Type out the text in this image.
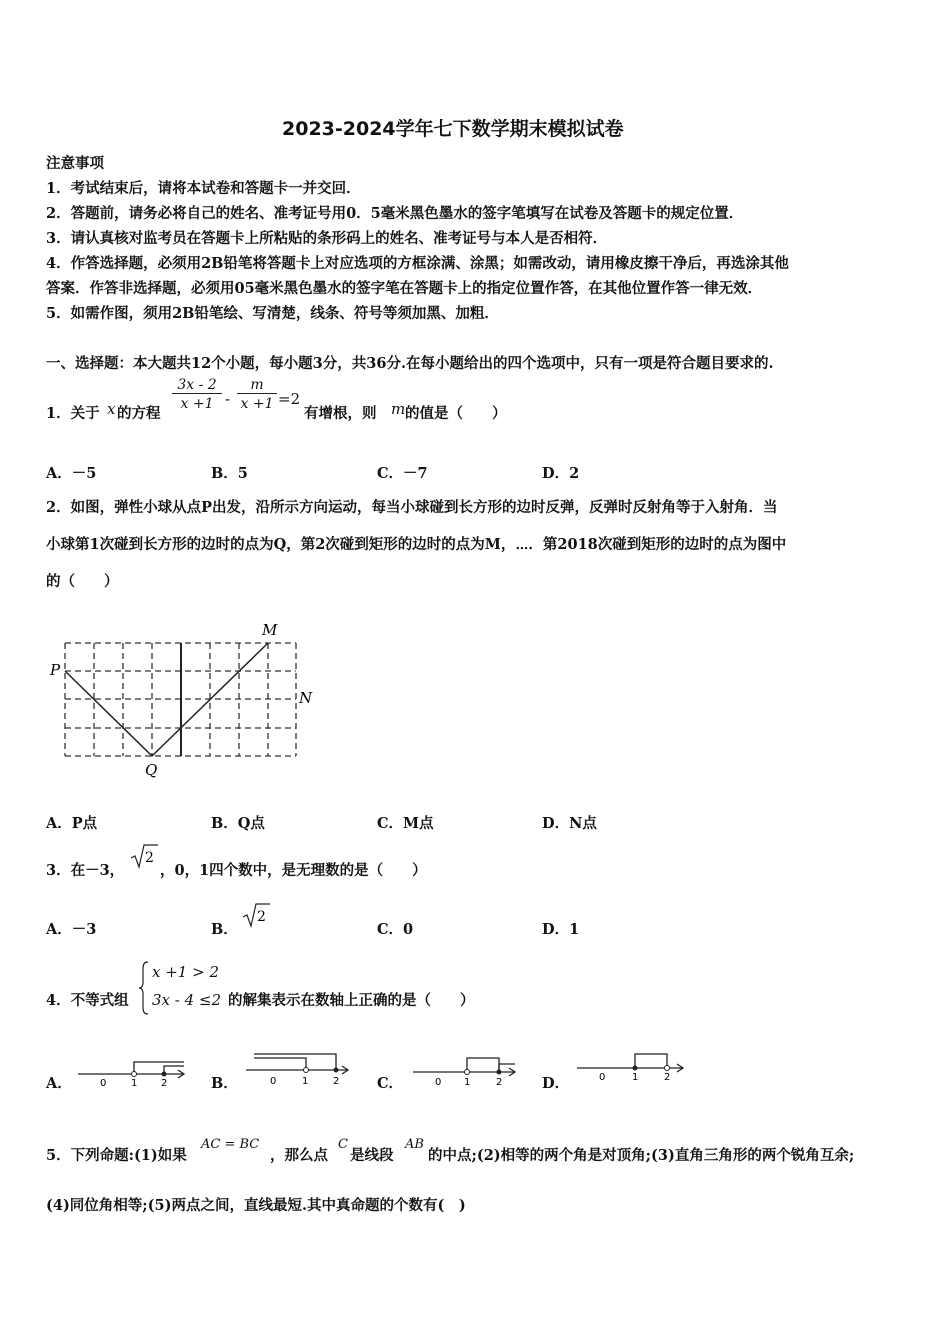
2023-2024学年七下数学期末模拟试卷
注意事项
1．考试结束后，请将本试卷和答题卡一并交回．
2．答题前，请务必将自己的姓名、准考证号用0．5毫米黑色墨水的签字笔填写在试卷及答题卡的规定位置．
3．请认真核对监考员在答题卡上所粘贴的条形码上的姓名、准考证号与本人是否相符．
4．作答选择题，必须用2B铅笔将答题卡上对应选项的方框涂满、涂黑；如需改动，请用橡皮擦干净后，再选涂其他
答案．作答非选择题，必须用05毫米黑色墨水的签字笔在答题卡上的指定位置作答，在其他位置作答一律无效．
5．如需作图，须用2B铅笔绘、写清楚，线条、符号等须加黑、加粗．
一、选择题：本大题共12个小题，每小题3分，共36分.在每小题给出的四个选项中，只有一项是符合题目要求的.
1．关于 x 的方程
$\frac{3x - 2}{x +1} - \frac{m}{x +1} =2$
有增根，则 m 的值是（　　）
A．－5	B．5	C．－7	D．2
2．如图，弹性小球从点P出发，沿所示方向运动，每当小球碰到长方形的边时反弹，反弹时反射角等于入射角．当
小球第1次碰到长方形的边时的点为Q，第2次碰到矩形的边时的点为M，⋯．第2018次碰到矩形的边时的点为图中
的（　　）
P
Q
M
N
A．P点	B．Q点	C．M点	D．N点
3．在－3，
2
，0，1四个数中，是无理数的是（　　）
A．－3	B．
2
C．0	D．1
4．不等式组
x +1 > 2
3x - 4 ≤2 的解集表示在数轴上正确的是（　　）
A．	0 1 2	B．	0	1 2	C．	0 1	2	D．	0	1	2
5．下列命题:(1)如果
AC = BC
，那么点
C
是线段
AB
的中点;(2)相等的两个角是对顶角;(3)直角三角形的两个锐角互余;
(4)同位角相等;(5)两点之间，直线最短.其中真命题的个数有(　)
